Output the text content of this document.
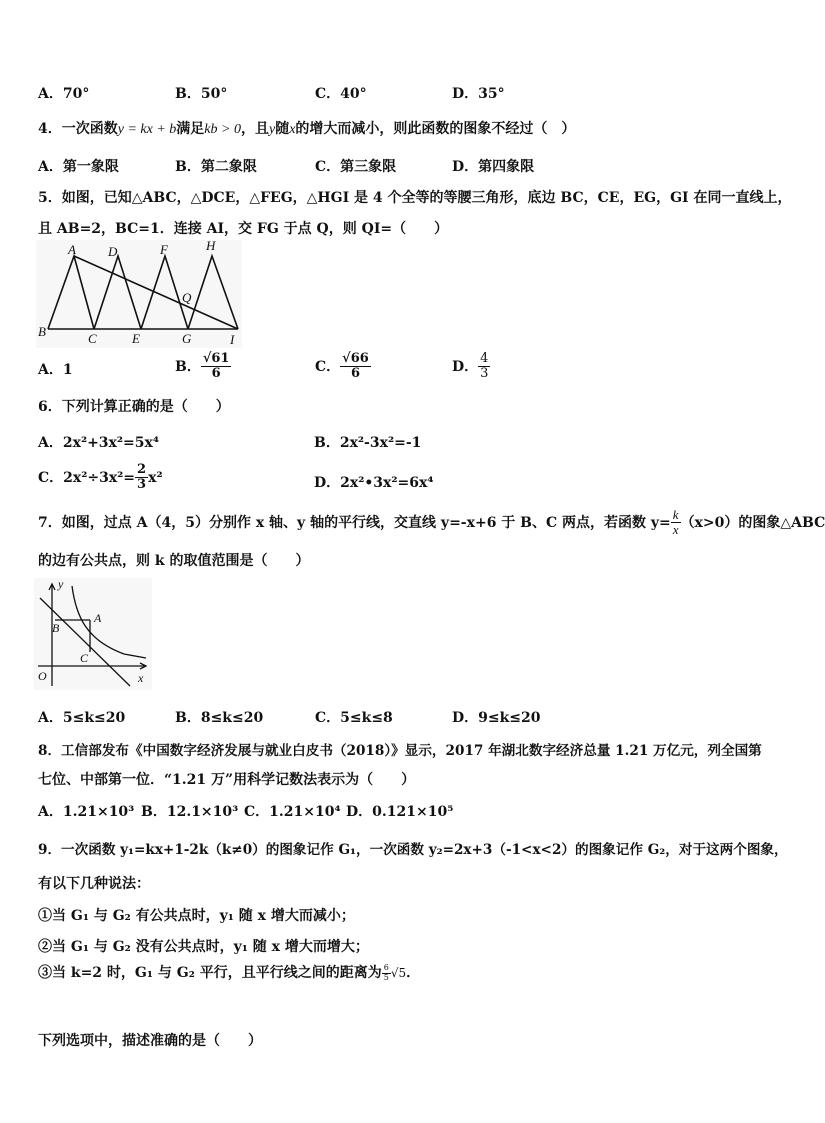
A．70°	B．50°	C．40°	D．35°
4．一次函数y = kx + b满足kb > 0，且y随x的增大而减小，则此函数的图象不经过（　）
A．第一象限	B．第二象限	C．第三象限	D．第四象限
5．如图，已知△ABC，△DCE，△FEG，△HGI 是 4 个全等的等腰三角形，底边 BC，CE，EG，GI 在同一直线上，
且 AB=2，BC=1．连接 AI，交 FG 于点 Q，则 QI=（　　）
A D	F	H
Q
B	C	E	G	I
A．1	B． $\frac{√61}{6}$	C． $\frac{√66}{6}$	D． $\frac{4}{3}$
6．下列计算正确的是（　　）
A．2x²+3x²=5x⁴	B．2x²-3x²=-1
C．$2x^2\div 3x^2= \frac{2}{3} x^2$	D．2x²•3x²=6x⁴
7．如图，过点 A（4，5）分别作 x 轴、y 轴的平行线，交直线 y=-x+6 于 B、C 两点，若函数 $y= \frac{k}{x} (x>0)$的图象△ABC
的边有公共点，则 k 的取值范围是（　　）
y
x
O
A
B
C
A．5≤k≤20	B．8≤k≤20	C．5≤k≤8	D．9≤k≤20
8．工信部发布《中国数字经济发展与就业白皮书（2018）》显示，2017 年湖北数字经济总量 1.21 万亿元，列全国第
七位、中部第一位．“1.21 万”用科学记数法表示为（　　）
A．1.21×10³ B．12.1×10³ C．1.21×10⁴ D．0.121×10⁵
9．一次函数 y₁=kx+1-2k（k≠0）的图象记作 G₁，一次函数 y₂=2x+3（-1<x<2）的图象记作 G₂，对于这两个图象，
有以下几种说法：
①当 G₁ 与 G₂ 有公共点时，y₁ 随 x 增大而减小；
②当 G₁ 与 G₂ 没有公共点时，y₁ 随 x 增大而增大；
③当 k=2 时，G₁ 与 G₂ 平行，且平行线之间的距离为 $\frac{6}{5} √5$．
下列选项中，描述准确的是（　　）
